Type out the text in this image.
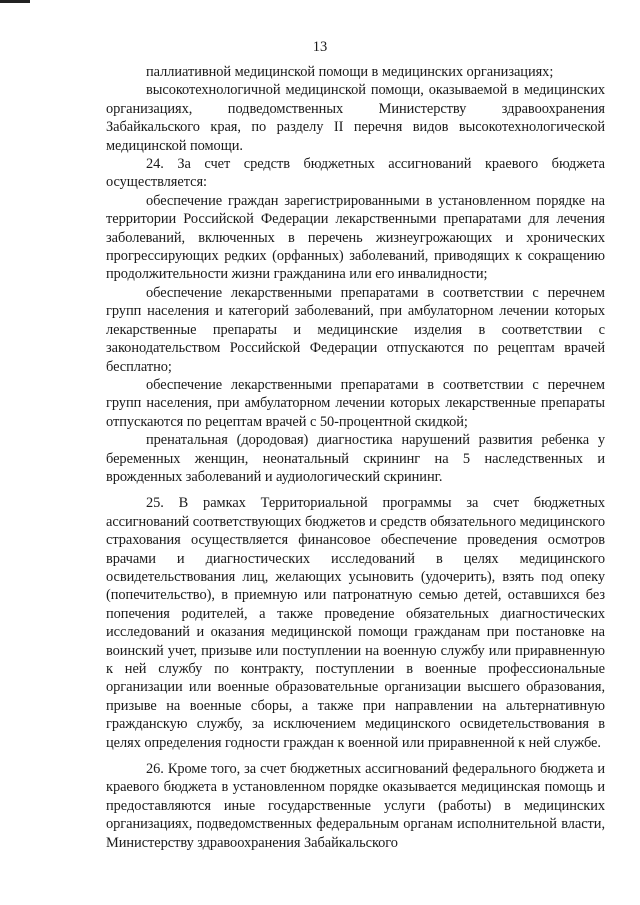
13

паллиативной медицинской помощи в медицинских организациях;

высокотехнологичной медицинской помощи, оказываемой в медицинских организациях, подведомственных Министерству здравоохранения Забайкальского края, по разделу II перечня видов высокотехнологической медицинской помощи.

24. За счет средств бюджетных ассигнований краевого бюджета осуществляется:

обеспечение граждан зарегистрированными в установленном порядке на территории Российской Федерации лекарственными препаратами для лечения заболеваний, включенных в перечень жизнеугрожающих и хронических прогрессирующих редких (орфанных) заболеваний, приводящих к сокращению продолжительности жизни гражданина или его инвалидности;

обеспечение лекарственными препаратами в соответствии с перечнем групп населения и категорий заболеваний, при амбулаторном лечении которых лекарственные препараты и медицинские изделия в соответствии с законодательством Российской Федерации отпускаются по рецептам врачей бесплатно;

обеспечение лекарственными препаратами в соответствии с перечнем групп населения, при амбулаторном лечении которых лекарственные препараты отпускаются по рецептам врачей с 50-процентной скидкой;

пренатальная (дородовая) диагностика нарушений развития ребенка у беременных женщин, неонатальный скрининг на 5 наследственных и врожденных заболеваний и аудиологический скрининг.

25. В рамках Территориальной программы за счет бюджетных ассигнований соответствующих бюджетов и средств обязательного медицинского страхования осуществляется финансовое обеспечение проведения осмотров врачами и диагностических исследований в целях медицинского освидетельствования лиц, желающих усыновить (удочерить), взять под опеку (попечительство), в приемную или патронатную семью детей, оставшихся без попечения родителей, а также проведение обязательных диагностических исследований и оказания медицинской помощи гражданам при постановке на воинский учет, призыве или поступлении на военную службу или приравненную к ней службу по контракту, поступлении в военные профессиональные организации или военные образовательные организации высшего образования, призыве на военные сборы, а также при направлении на альтернативную гражданскую службу, за исключением медицинского освидетельствования в целях определения годности граждан к военной или приравненной к ней службе.

26. Кроме того, за счет бюджетных ассигнований федерального бюджета и краевого бюджета в установленном порядке оказывается медицинская помощь и предоставляются иные государственные услуги (работы) в медицинских организациях, подведомственных федеральным органам исполнительной власти, Министерству здравоохранения Забайкальского
